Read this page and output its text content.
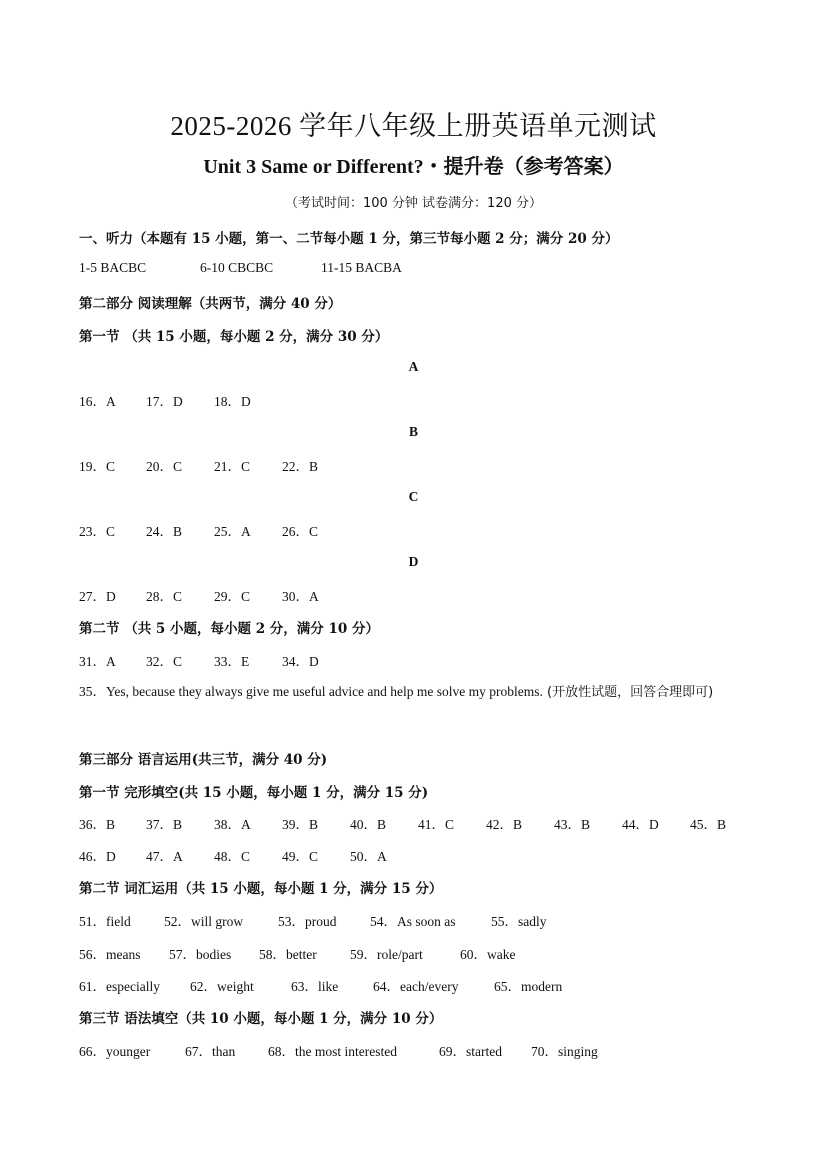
2025-2026 学年八年级上册英语单元测试
Unit 3 Same or Different?・提升卷（参考答案）
（考试时间：100 分钟 试卷满分：120 分）
一、听力（本题有 15 小题，第一、二节每小题 1 分，第三节每小题 2 分；满分 20 分）
1-5 BACBC	6-10 CBCBC	11-15 BACBA
第二部分 阅读理解（共两节，满分 40 分）
第一节 （共 15 小题，每小题 2 分，满分 30 分）
A
16．A	17．D	18．D
B
19．C	20．C	21．C	22．B
C
23．C	24．B	25．A	26．C
D
27．D	28．C	29．C	30．A
第二节 （共 5 小题，每小题 2 分，满分 10 分）
31．A	32．C	33．E	34．D
35．Yes, because they always give me useful advice and help me solve my problems. (开放性试题，回答合理即可)
第三部分 语言运用(共三节，满分 40 分)
第一节 完形填空(共 15 小题，每小题 1 分，满分 15 分)
36．B	37．B	38．A	39．B	40．B	41．C	42．B	43．B	44．D	45．B
46．D	47．A	48．C	49．C	50．A
第二节 词汇运用（共 15 小题，每小题 1 分，满分 15 分）
51．field	52．will grow	53．proud	54．As soon as	55．sadly
56．means	57．bodies	58．better	59．role/part	60．wake
61．especially	62．weight	63．like	64．each/every	65．modern
第三节 语法填空（共 10 小题，每小题 1 分，满分 10 分）
66．younger	67．than	68．the most interested	69．started	70．singing
